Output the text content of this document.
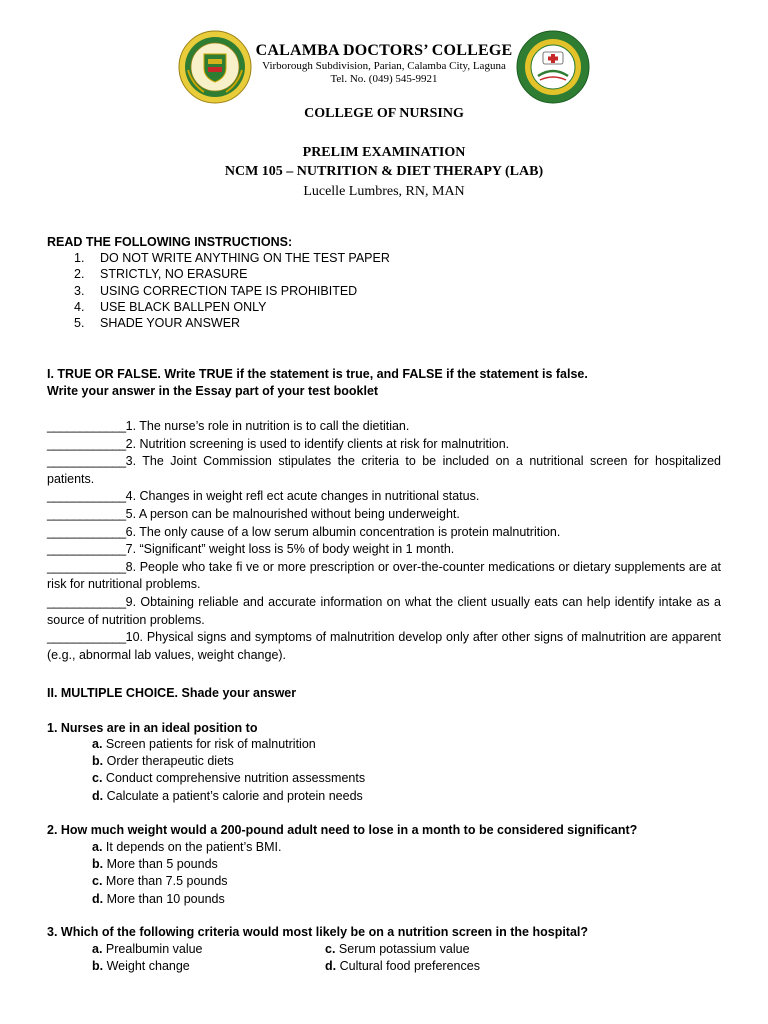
CALAMBA DOCTORS’ COLLEGE
Virborough Subdivision, Parian, Calamba City, Laguna
Tel. No. (049) 545-9921
COLLEGE OF NURSING
PRELIM EXAMINATION
NCM 105 – NUTRITION & DIET THERAPY (LAB)
Lucelle Lumbres, RN, MAN
READ THE FOLLOWING INSTRUCTIONS:
1.	DO NOT WRITE ANYTHING ON THE TEST PAPER
2.	STRICTLY, NO ERASURE
3.	USING CORRECTION TAPE IS PROHIBITED
4.	USE BLACK BALLPEN ONLY
5.	SHADE YOUR ANSWER
I. TRUE OR FALSE. Write TRUE if the statement is true, and FALSE if the statement is false.
Write your answer in the Essay part of your test booklet
____________1. The nurse’s role in nutrition is to call the dietitian.
____________2. Nutrition screening is used to identify clients at risk for malnutrition.
____________3. The Joint Commission stipulates the criteria to be included on a nutritional screen for hospitalized patients.
____________4. Changes in weight refl ect acute changes in nutritional status.
____________5. A person can be malnourished without being underweight.
____________6. The only cause of a low serum albumin concentration is protein malnutrition.
____________7. “Significant” weight loss is 5% of body weight in 1 month.
____________8. People who take fi ve or more prescription or over-the-counter medications or dietary supplements are at risk for nutritional problems.
____________9. Obtaining reliable and accurate information on what the client usually eats can help identify intake as a source of nutrition problems.
____________10. Physical signs and symptoms of malnutrition develop only after other signs of malnutrition are apparent (e.g., abnormal lab values, weight change).
II. MULTIPLE CHOICE. Shade your answer
1. Nurses are in an ideal position to
a. Screen patients for risk of malnutrition
b. Order therapeutic diets
c. Conduct comprehensive nutrition assessments
d. Calculate a patient’s calorie and protein needs
2. How much weight would a 200-pound adult need to lose in a month to be considered significant?
a. It depends on the patient’s BMI.
b. More than 5 pounds
c. More than 7.5 pounds
d. More than 10 pounds
3. Which of the following criteria would most likely be on a nutrition screen in the hospital?
a. Prealbumin value	c. Serum potassium value
b. Weight change	d. Cultural food preferences
